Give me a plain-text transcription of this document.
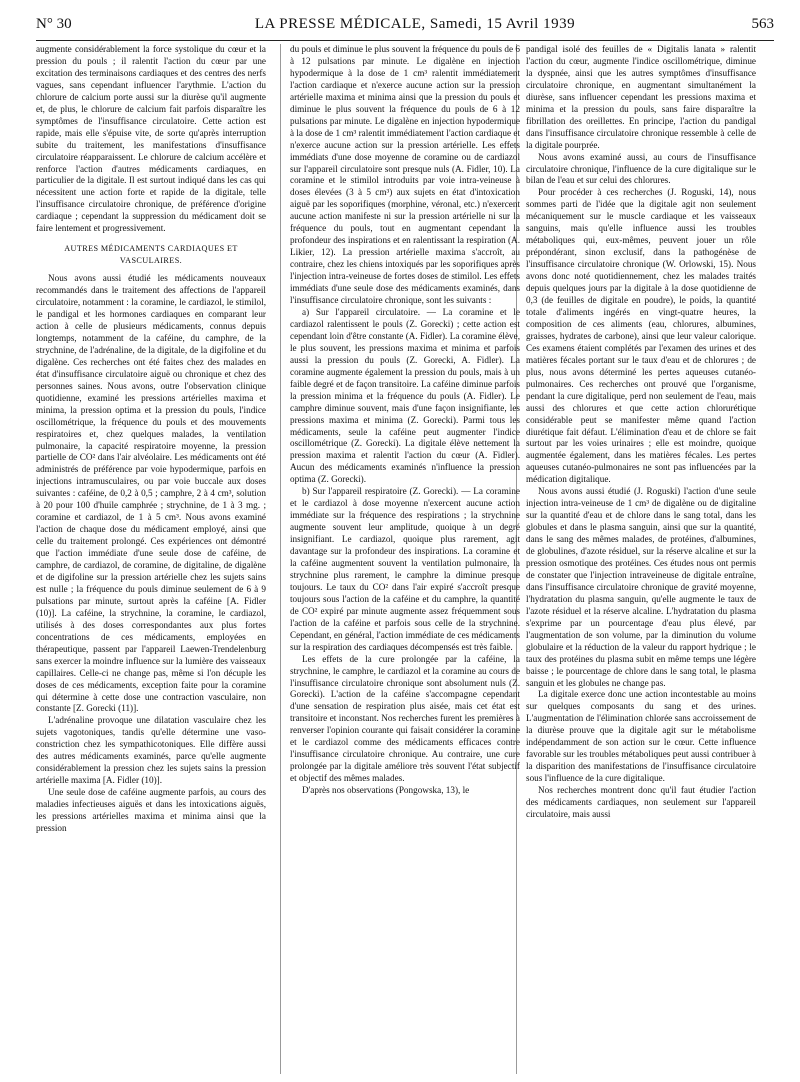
N° 30	LA PRESSE MÉDICALE, Samedi, 15 Avril 1939	563

augmente considérablement la force systolique du cœur et la pression du pouls ; il ralentit l'action du cœur par une excitation des terminaisons cardiaques et des centres des nerfs vagues, sans cependant influencer l'arythmie. L'action du chlorure de calcium porte aussi sur la diurèse qu'il augmente et, de plus, le chlorure de calcium fait parfois disparaître les symptômes de l'insuffisance circulatoire. Cette action est rapide, mais elle s'épuise vite, de sorte qu'après interruption subite du traitement, les manifestations d'insuffisance circulatoire réapparaissent. Le chlorure de calcium accélère et renforce l'action d'autres médicaments cardiaques, en particulier de la digitale. Il est surtout indiqué dans les cas qui nécessitent une action forte et rapide de la digitale, telle l'insuffisance circulatoire chronique, de préférence d'origine cardiaque ; cependant la suppression du médicament doit se faire lentement et progressivement.

AUTRES MÉDICAMENTS CARDIAQUES ET VASCULAIRES.

Nous avons aussi étudié les médicaments nouveaux recommandés dans le traitement des affections de l'appareil circulatoire, notamment : la coramine, le cardiazol, le stimilol, le pandigal et les hormones cardiaques en comparant leur action à celle de plusieurs médicaments, connus depuis longtemps, notamment de la caféine, du camphre, de la strychnine, de l'adrénaline, de la digitale, de la digifoline et du digalène. Ces recherches ont été faites chez des malades en état d'insuffisance circulatoire aiguë ou chronique et chez des personnes saines. Nous avons, outre l'observation clinique quotidienne, examiné les pressions artérielles maxima et minima, la pression optima et la pression du pouls, l'indice oscillométrique, la fréquence du pouls et des mouvements respiratoires et, chez quelques malades, la ventilation pulmonaire, la capacité respiratoire moyenne, la pression partielle de CO² dans l'air alvéolaire. Les médicaments ont été administrés de préférence par voie hypodermique, parfois en injections intramusculaires, ou par voie buccale aux doses suivantes : caféine, de 0,2 à 0,5 ; camphre, 2 à 4 cm³, solution à 20 pour 100 d'huile camphrée ; strychnine, de 1 à 3 mg. ; coramine et cardiazol, de 1 à 5 cm³. Nous avons examiné l'action de chaque dose du médicament employé, ainsi que celle du traitement prolongé. Ces expériences ont démontré que l'action immédiate d'une seule dose de caféine, de camphre, de cardiazol, de coramine, de digitaline, de digalène et de digifoline sur la pression artérielle chez les sujets sains est nulle ; la fréquence du pouls diminue seulement de 6 à 9 pulsations par minute, surtout après la caféine [A. Fidler (10)]. La caféine, la strychnine, la coramine, le cardiazol, utilisés à des doses correspondantes aux plus fortes concentrations de ces médicaments, employées en thérapeutique, passent par l'appareil Laewen-Trendelenburg sans exercer la moindre influence sur la lumière des vaisseaux capillaires. Celle-ci ne change pas, même si l'on décuple les doses de ces médicaments, exception faite pour la coramine qui détermine à cette dose une contraction vasculaire, non constante [Z. Gorecki (11)].

L'adrénaline provoque une dilatation vasculaire chez les sujets vagotoniques, tandis qu'elle détermine une vaso-constriction chez les sympathicotoniques. Elle diffère aussi des autres médicaments examinés, parce qu'elle augmente considérablement la pression chez les sujets sains la pression artérielle maxima [A. Fidler (10)].

Une seule dose de caféine augmente parfois, au cours des maladies infectieuses aiguës et dans les intoxications aiguës, les pressions artérielles maxima et minima ainsi que la pression

du pouls et diminue le plus souvent la fréquence du pouls de 6 à 12 pulsations par minute. Le digalène en injection hypodermique à la dose de 1 cm³ ralentit immédiatement l'action cardiaque et n'exerce aucune action sur la pression artérielle maxima et minima ainsi que la pression du pouls et diminue le plus souvent la fréquence du pouls de 6 à 12 pulsations par minute. Le digalène en injection hypodermique à la dose de 1 cm³ ralentit immédiatement l'action cardiaque et n'exerce aucune action sur la pression artérielle. Les effets immédiats d'une dose moyenne de coramine ou de cardiazol sur l'appareil circulatoire sont presque nuls (A. Fidler, 10). La coramine et le stimilol introduits par voie intra-veineuse à doses élevées (3 à 5 cm³) aux sujets en état d'intoxication aiguë par les soporifiques (morphine, véronal, etc.) n'exercent aucune action manifeste ni sur la pression artérielle ni sur la fréquence du pouls, tout en augmentant cependant la profondeur des inspirations et en ralentissant la respiration (A. Likier, 12). La pression artérielle maxima s'accroît, au contraire, chez les chiens intoxiqués par les soporifiques après l'injection intra-veineuse de fortes doses de stimilol. Les effets immédiats d'une seule dose des médicaments examinés, dans l'insuffisance circulatoire chronique, sont les suivants :

a) Sur l'appareil circulatoire. — La coramine et le cardiazol ralentissent le pouls (Z. Gorecki) ; cette action est cependant loin d'être constante (A. Fidler). La coramine élève, le plus souvent, les pressions maxima et minima et parfois aussi la pression du pouls (Z. Gorecki, A. Fidler). La coramine augmente également la pression du pouls, mais à un faible degré et de façon transitoire. La caféine diminue parfois la pression minima et la fréquence du pouls (A. Fidler). Le camphre diminue souvent, mais d'une façon insignifiante, les pressions maxima et minima (Z. Gorecki). Parmi tous les médicaments, seule la caféine peut augmenter l'indice oscillométrique (Z. Gorecki). La digitale élève nettement la pression maxima et ralentit l'action du cœur (A. Fidler). Aucun des médicaments examinés n'influence la pression optima (Z. Gorecki).

b) Sur l'appareil respiratoire (Z. Gorecki). — La coramine et le cardiazol à dose moyenne n'exercent aucune action immédiate sur la fréquence des respirations ; la strychnine augmente souvent leur amplitude, quoique à un degré insignifiant. Le cardiazol, quoique plus rarement, agit davantage sur la profondeur des inspirations. La coramine et la caféine augmentent souvent la ventilation pulmonaire, la strychnine plus rarement, le camphre la diminue presque toujours. Le taux du CO² dans l'air expiré s'accroît presque toujours sous l'action de la caféine et du camphre, la quantité de CO² expiré par minute augmente assez fréquemment sous l'action de la caféine et parfois sous celle de la strychnine. Cependant, en général, l'action immédiate de ces médicaments sur la respiration des cardiaques décompensés est très faible.

Les effets de la cure prolongée par la caféine, la strychnine, le camphre, le cardiazol et la coramine au cours de l'insuffisance circulatoire chronique sont absolument nuls (Z. Gorecki). L'action de la caféine s'accompagne cependant d'une sensation de respiration plus aisée, mais cet état est transitoire et inconstant. Nos recherches furent les premières à renverser l'opinion courante qui faisait considérer la coramine et le cardiazol comme des médicaments efficaces contre l'insuffisance circulatoire chronique. Au contraire, une cure prolongée par la digitale améliore très souvent l'état subjectif et objectif des mêmes malades.

D'après nos observations (Pongowska, 13), le

pandigal isolé des feuilles de « Digitalis lanata » ralentit l'action du cœur, augmente l'indice oscillométrique, diminue la dyspnée, ainsi que les autres symptômes d'insuffisance circulatoire chronique, en augmentant simultanément la diurèse, sans influencer cependant les pressions maxima et minima et la pression du pouls, sans faire disparaître la fibrillation des oreillettes. En principe, l'action du pandigal dans l'insuffisance circulatoire chronique ressemble à celle de la digitale pourprée.

Nous avons examiné aussi, au cours de l'insuffisance circulatoire chronique, l'influence de la cure digitalique sur le bilan de l'eau et sur celui des chlorures.

Pour procéder à ces recherches (J. Roguski, 14), nous sommes parti de l'idée que la digitale agit non seulement mécaniquement sur le muscle cardiaque et les vaisseaux sanguins, mais qu'elle influence aussi les troubles métaboliques qui, eux-mêmes, peuvent jouer un rôle prépondérant, sinon exclusif, dans la pathogénèse de l'insuffisance circulatoire chronique (W. Orlowski, 15). Nous avons donc noté quotidiennement, chez les malades traités depuis quelques jours par la digitale à la dose quotidienne de 0,3 (de feuilles de digitale en poudre), le poids, la quantité totale d'aliments ingérés en vingt-quatre heures, la composition de ces aliments (eau, chlorures, albumines, graisses, hydrates de carbone), ainsi que leur valeur calorique. Ces examens étaient complétés par l'examen des urines et des matières fécales portant sur le taux d'eau et de chlorures ; de plus, nous avons déterminé les pertes aqueuses cutanéo-pulmonaires. Ces recherches ont prouvé que l'organisme, pendant la cure digitalique, perd non seulement de l'eau, mais aussi des chlorures et que cette action chlorurétique considérable peut se manifester même quand l'action diurétique fait défaut. L'élimination d'eau et de chlore se fait surtout par les voies urinaires ; elle est moindre, quoique augmentée également, dans les matières fécales. Les pertes aqueuses cutanéo-pulmonaires ne sont pas influencées par la médication digitalique.

Nous avons aussi étudié (J. Roguski) l'action d'une seule injection intra-veineuse de 1 cm³ de digalène ou de digitaline sur la quantité d'eau et de chlore dans le sang total, dans les globules et dans le plasma sanguin, ainsi que sur la quantité, dans le sang des mêmes malades, de protéines, d'albumines, de globulines, d'azote résiduel, sur la réserve alcaline et sur la pression osmotique des protéines. Ces études nous ont permis de constater que l'injection intraveineuse de digitale entraîne, dans l'insuffisance circulatoire chronique de gravité moyenne, l'hydratation du plasma sanguin, qu'elle augmente le taux de l'azote résiduel et la réserve alcaline. L'hydratation du plasma s'exprime par un pourcentage d'eau plus élevé, par l'augmentation de son volume, par la diminution du volume globulaire et la réduction de la valeur du rapport hydrique ; le taux des protéines du plasma subit en même temps une légère baisse ; le pourcentage de chlore dans le sang total, le plasma sanguin et les globules ne change pas.

La digitale exerce donc une action incontestable au moins sur quelques composants du sang et des urines. L'augmentation de l'élimination chlorée sans accroissement de la diurèse prouve que la digitale agit sur le métabolisme indépendamment de son action sur le cœur. Cette influence favorable sur les troubles métaboliques peut aussi contribuer à la disparition des manifestations de l'insuffisance circulatoire sous l'influence de la cure digitalique.

Nos recherches montrent donc qu'il faut étudier l'action des médicaments cardiaques, non seulement sur l'appareil circulatoire, mais aussi
